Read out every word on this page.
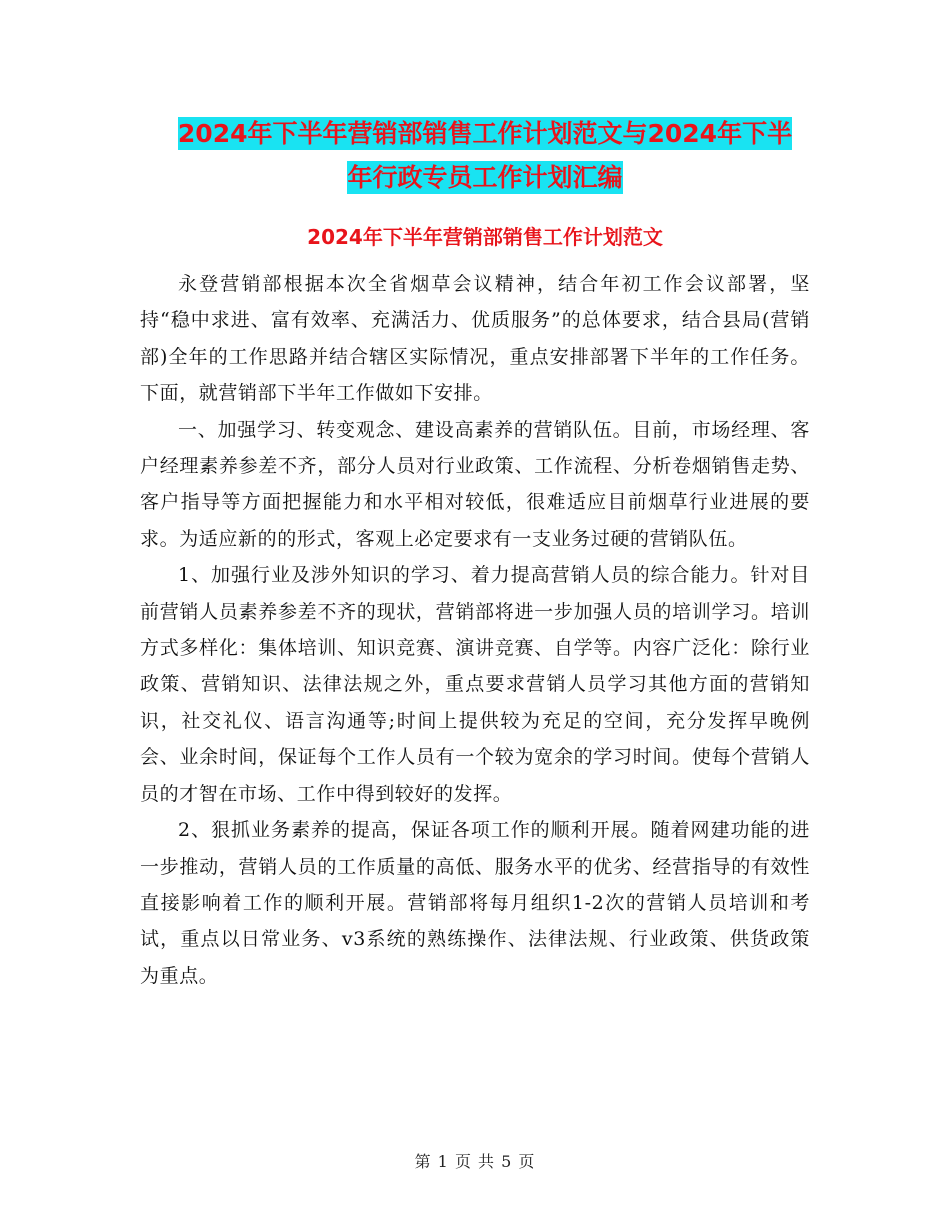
2024年下半年营销部销售工作计划范文与2024年下半
年行政专员工作计划汇编
2024年下半年营销部销售工作计划范文

永登营销部根据本次全省烟草会议精神，结合年初工作会议部署，坚持“稳中求进、富有效率、充满活力、优质服务”的总体要求，结合县局(营销部)全年的工作思路并结合辖区实际情况，重点安排部署下半年的工作任务。下面，就营销部下半年工作做如下安排。

一、加强学习、转变观念、建设高素养的营销队伍。目前，市场经理、客户经理素养参差不齐，部分人员对行业政策、工作流程、分析卷烟销售走势、客户指导等方面把握能力和水平相对较低，很难适应目前烟草行业进展的要求。为适应新的的形式，客观上必定要求有一支业务过硬的营销队伍。

1、加强行业及涉外知识的学习、着力提高营销人员的综合能力。针对目前营销人员素养参差不齐的现状，营销部将进一步加强人员的培训学习。培训方式多样化：集体培训、知识竞赛、演讲竞赛、自学等。内容广泛化：除行业政策、营销知识、法律法规之外，重点要求营销人员学习其他方面的营销知识，社交礼仪、语言沟通等;时间上提供较为充足的空间，充分发挥早晚例会、业余时间，保证每个工作人员有一个较为宽余的学习时间。使每个营销人员的才智在市场、工作中得到较好的发挥。

2、狠抓业务素养的提高，保证各项工作的顺利开展。随着网建功能的进一步推动，营销人员的工作质量的高低、服务水平的优劣、经营指导的有效性直接影响着工作的顺利开展。营销部将每月组织1-2次的营销人员培训和考试，重点以日常业务、v3系统的熟练操作、法律法规、行业政策、供货政策为重点。

第 1 页 共 5 页
